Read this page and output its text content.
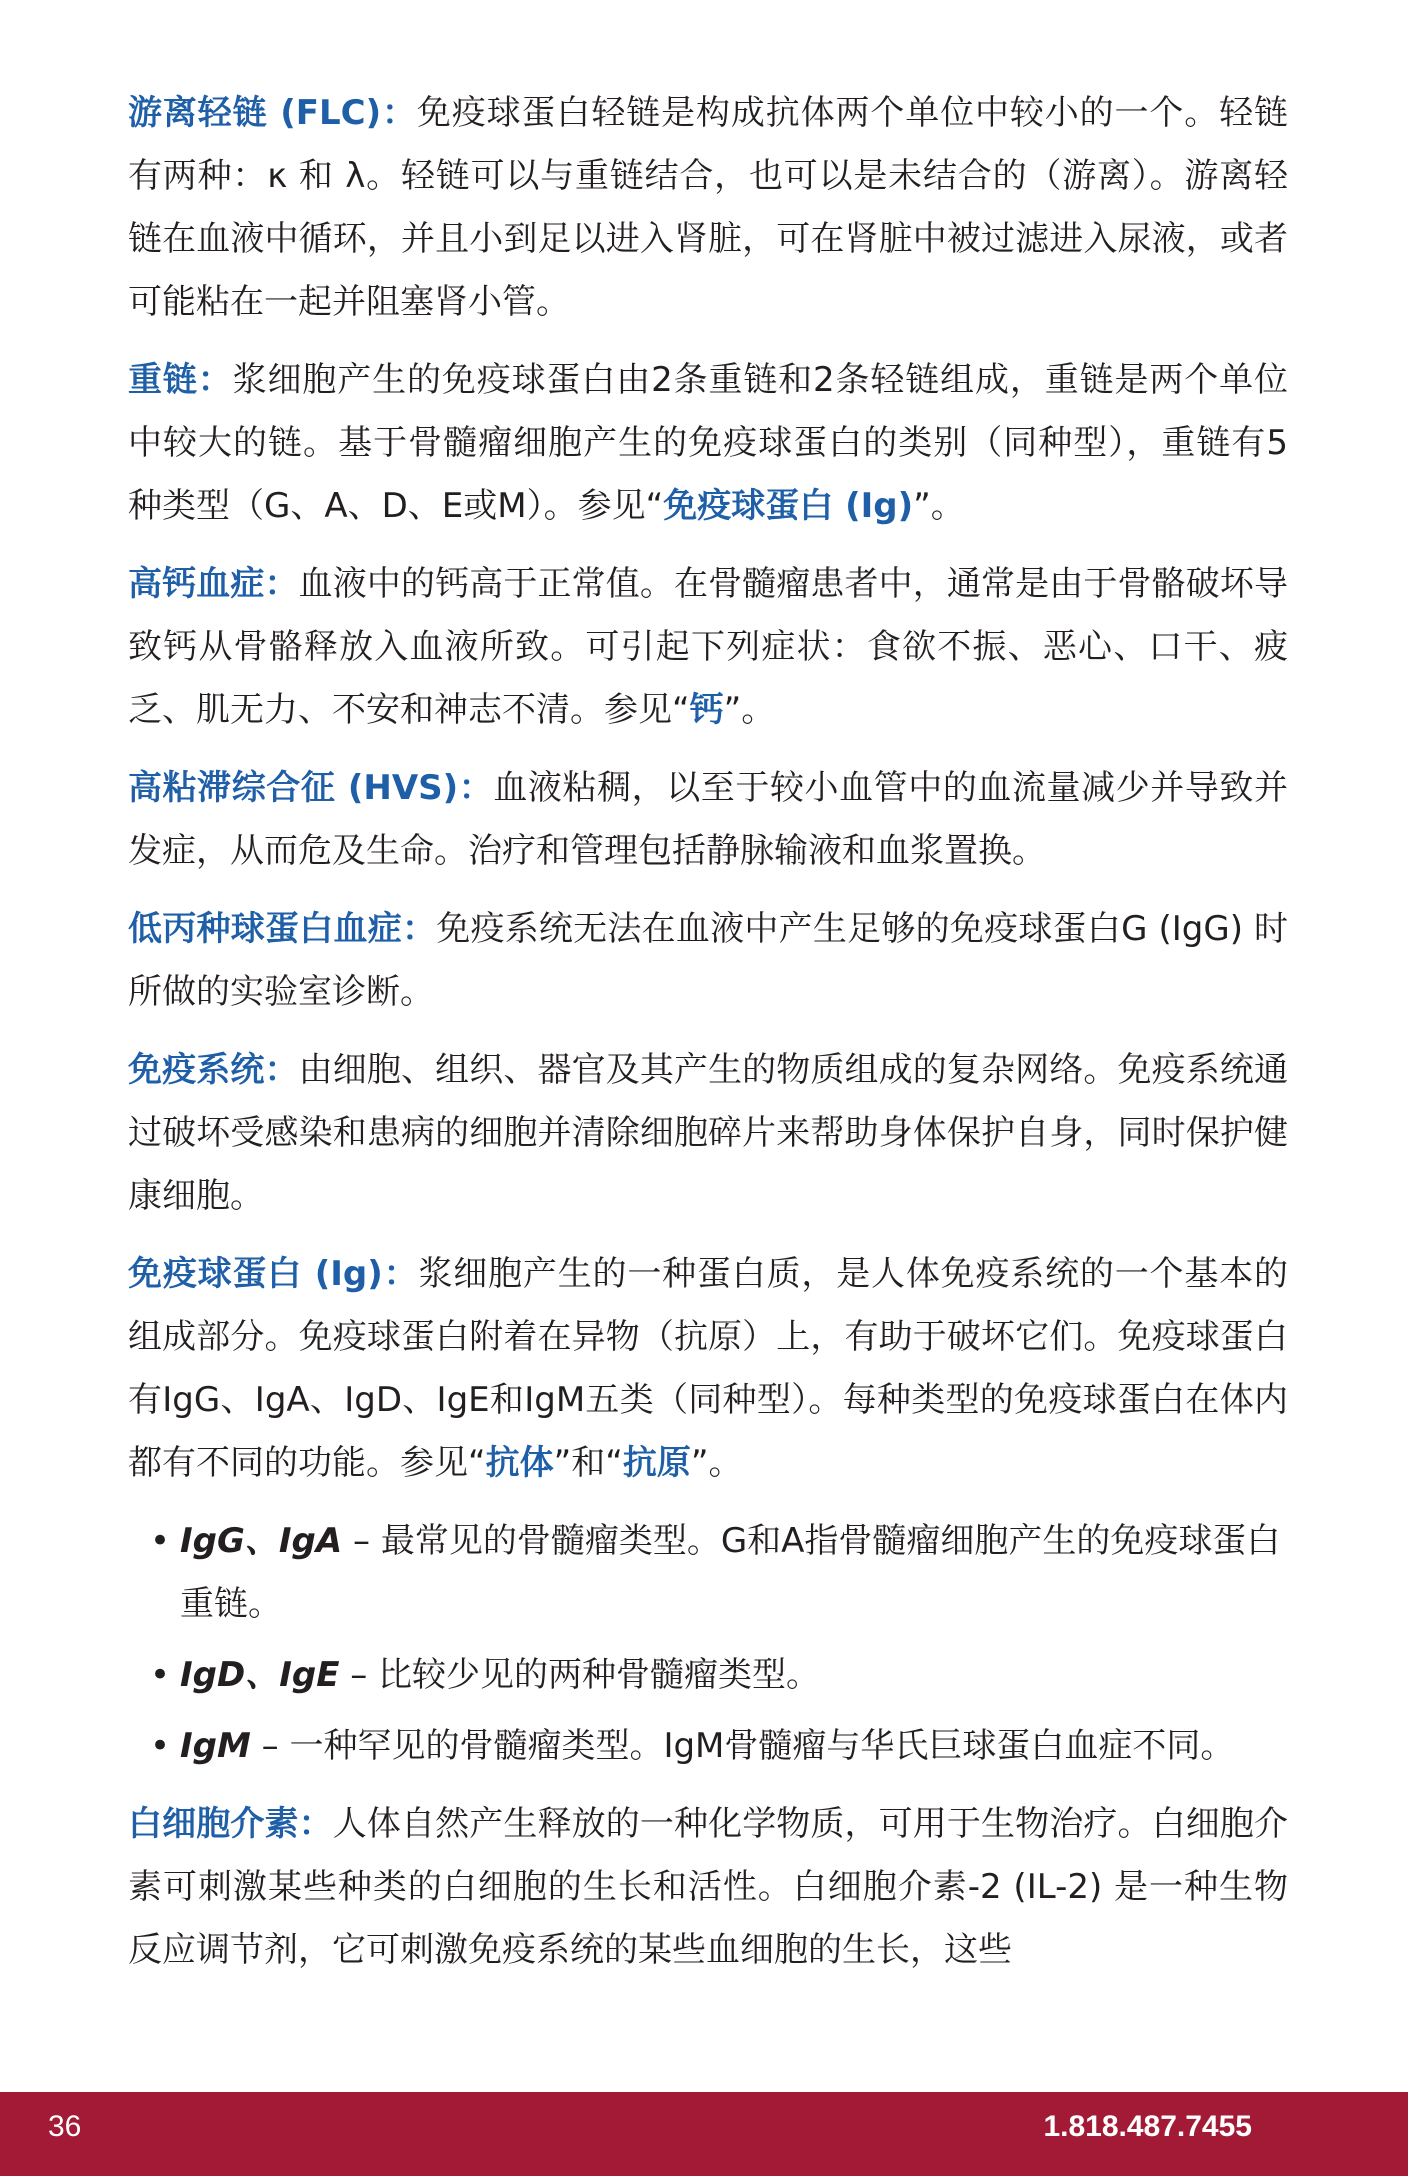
游离轻链 (FLC)：免疫球蛋白轻链是构成抗体两个单位中较小的一个。轻链有两种：κ 和 λ。轻链可以与重链结合，也可以是未结合的（游离）。游离轻链在血液中循环，并且小到足以进入肾脏，可在肾脏中被过滤进入尿液，或者可能粘在一起并阻塞肾小管。

重链：浆细胞产生的免疫球蛋白由2条重链和2条轻链组成，重链是两个单位中较大的链。基于骨髓瘤细胞产生的免疫球蛋白的类别（同种型），重链有5种类型（G、A、D、E或M）。参见“免疫球蛋白 (Ig)”。

高钙血症：血液中的钙高于正常值。在骨髓瘤患者中，通常是由于骨骼破坏导致钙从骨骼释放入血液所致。可引起下列症状：食欲不振、恶心、口干、疲乏、肌无力、不安和神志不清。参见“钙”。

高粘滞综合征 (HVS)：血液粘稠，以至于较小血管中的血流量减少并导致并发症，从而危及生命。治疗和管理包括静脉输液和血浆置换。

低丙种球蛋白血症：免疫系统无法在血液中产生足够的免疫球蛋白G (IgG) 时所做的实验室诊断。

免疫系统：由细胞、组织、器官及其产生的物质组成的复杂网络。免疫系统通过破坏受感染和患病的细胞并清除细胞碎片来帮助身体保护自身，同时保护健康细胞。

免疫球蛋白 (Ig)：浆细胞产生的一种蛋白质，是人体免疫系统的一个基本的组成部分。免疫球蛋白附着在异物（抗原）上，有助于破坏它们。免疫球蛋白有IgG、IgA、IgD、IgE和IgM五类（同种型）。每种类型的免疫球蛋白在体内都有不同的功能。参见“抗体”和“抗原”。

• IgG、IgA – 最常见的骨髓瘤类型。G和A指骨髓瘤细胞产生的免疫球蛋白重链。
• IgD、IgE – 比较少见的两种骨髓瘤类型。
• IgM – 一种罕见的骨髓瘤类型。IgM骨髓瘤与华氏巨球蛋白血症不同。

白细胞介素：人体自然产生释放的一种化学物质，可用于生物治疗。白细胞介素可刺激某些种类的白细胞的生长和活性。白细胞介素-2 (IL-2) 是一种生物反应调节剂，它可刺激免疫系统的某些血细胞的生长，这些

36	1.818.487.7455
